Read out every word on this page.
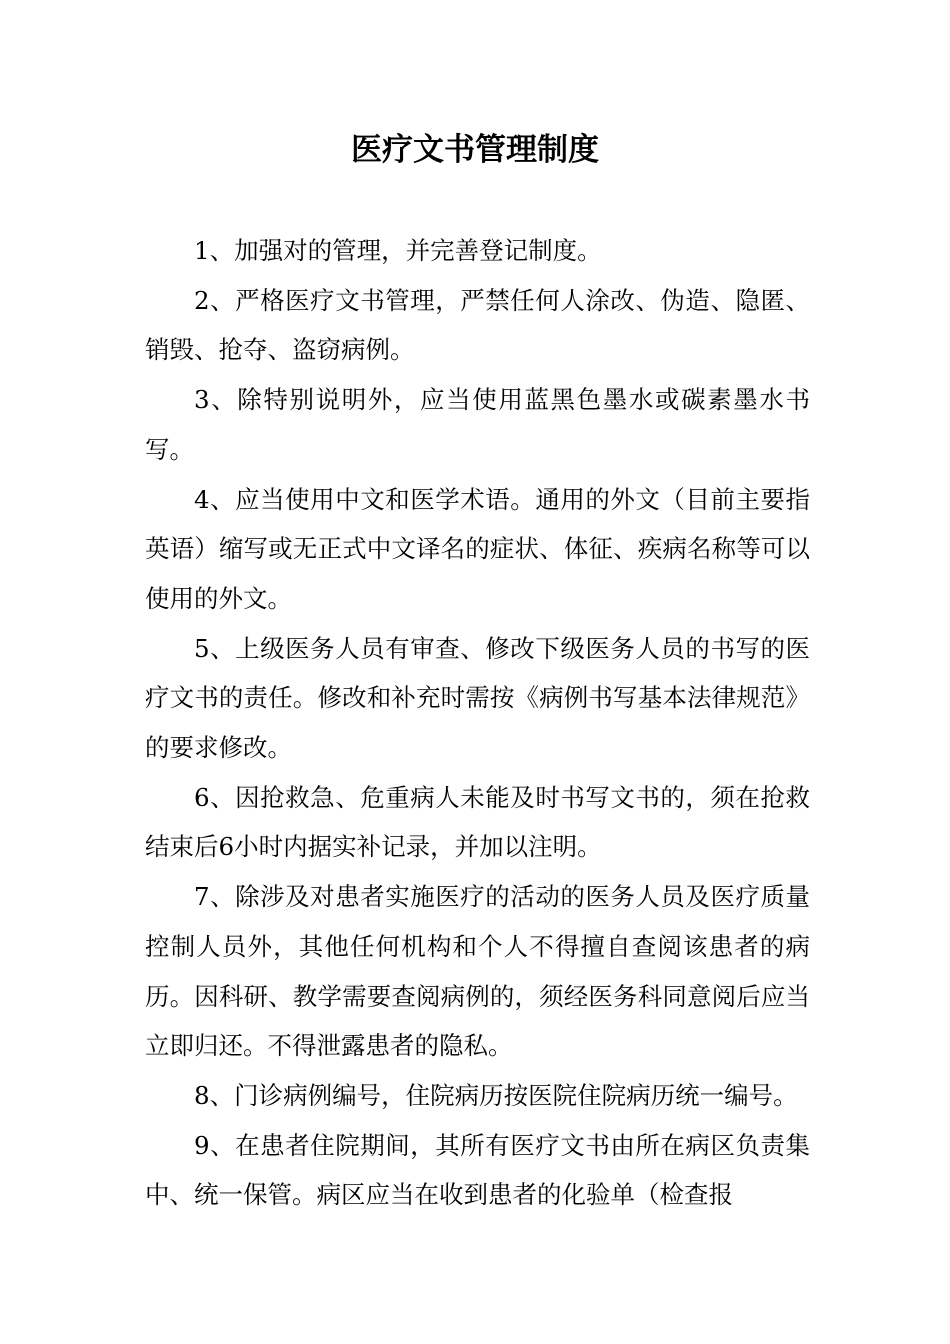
医疗文书管理制度

1、加强对的管理，并完善登记制度。

2、严格医疗文书管理，严禁任何人涂改、伪造、隐匿、销毁、抢夺、盗窃病例。

3、除特别说明外，应当使用蓝黑色墨水或碳素墨水书写。

4、应当使用中文和医学术语。通用的外文（目前主要指英语）缩写或无正式中文译名的症状、体征、疾病名称等可以使用的外文。

5、上级医务人员有审查、修改下级医务人员的书写的医疗文书的责任。修改和补充时需按《病例书写基本法律规范》的要求修改。

6、因抢救急、危重病人未能及时书写文书的，须在抢救结束后6小时内据实补记录，并加以注明。

7、除涉及对患者实施医疗的活动的医务人员及医疗质量控制人员外，其他任何机构和个人不得擅自查阅该患者的病历。因科研、教学需要查阅病例的，须经医务科同意阅后应当立即归还。不得泄露患者的隐私。

8、门诊病例编号，住院病历按医院住院病历统一编号。

9、在患者住院期间，其所有医疗文书由所在病区负责集中、统一保管。病区应当在收到患者的化验单（检查报
